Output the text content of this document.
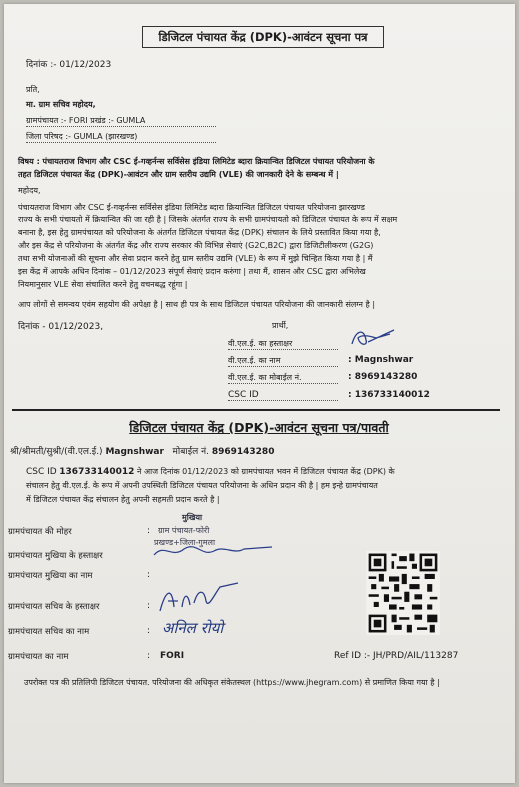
डिजिटल पंचायत केंद्र (DPK)-आवंटन सूचना पत्र
दिनांक :- 01/12/2023
प्रति,
मा. ग्राम सचिव महोदय,
ग्रामपंचायत :- FORI प्रखंड :- GUMLA
जिला परिषद :- GUMLA (झारखण्ड)
विषय : पंचायतराज विभाग और CSC ई-गव्हर्नन्स सर्विसेस इंडिया लिमिटेड ब्दारा क्रियान्वित डिजिटल पंचायत परियोजना के
तहत डिजिटल पंचायत केंद्र (DPK)-आवंटन और ग्राम स्तरीय उद्यमि (VLE) की जानकारी देने के सम्बन्ध में |
महोदय,
पंचायतराज विभाग और CSC ई-गव्हर्नन्स सर्विसेस इंडिया लिमिटेड ब्दारा क्रियान्वित डिजिटल पंचायत परियोजना झारखण्ड
राज्य के सभी पंचायतो में क्रियान्वित की जा रही है | जिसके अंतर्गत राज्य के सभी ग्रामपंचायतो को डिजिटल पंचायत के रूप में सक्षम
बनाना है, इस हेतु ग्रामपंचायत को परियोजना के अंतर्गत डिजिटल पंचायत केंद्र (DPK) संचालन के लिये प्रस्तावित किया गया है,
और इस केंद्र से परियोजना के अंतर्गत केंद्र और राज्य सरकार की विभिन्न सेवाएं (G2C,B2C) द्वारा डिजिटीलीकरण (G2G)
तथा सभी योजनाओं की सूचना और सेवा प्रदान करने हेतु ग्राम स्तरीय उद्यमि (VLE) के रूप में मुझे चिन्हित किया गया है | मैं
इस केंद्र में आपके अधिन दिनांक – 01/12/2023 संपूर्ण सेवाएं प्रदान करुंगा | तथा मैं, शासन और CSC द्वारा अभिलेख
नियमानुसार VLE सेवा संचालित करने हेतु वचनबद्ध रहूंगा |
आप लोगों से समन्वय एवंम सहयोग की अपेक्षा है | साथ ही पत्र के साथ डिजिटल पंचायत परियोजना की जानकारी संलग्न है |
दिनांक - 01/12/2023,	प्रार्थी,
वी.एल.ई. का हस्ताक्षर
वी.एल.ई. का नाम	: Magnshwar
वी.एल.ई. का मोबाईल नं.	: 8969143280
CSC ID	: 136733140012
डिजिटल पंचायत केंद्र (DPK)-आवंटन सूचना पत्र/पावती
श्री/श्रीमती/सुश्री/(वी.एल.ई.) Magnshwar मोबाईल नं. 8969143280
CSC ID 136733140012 ने आज दिनांक 01/12/2023 को ग्रामपंचायत भवन में डिजिटल पंचायत केंद्र (DPK) के
संचालन हेतु वी.एल.ई. के रूप में अपनी उपस्थिती डिजिटल पंचायत परियोजना के अधिन प्रदान की है | हम इन्हे ग्रामपंचायत
में डिजिटल पंचायत केंद्र संचालन हेतु अपनी सहमती प्रदान करते है |
मुखिया
ग्राम पंचायत-फोरी
प्रखण्ड+जिला-गुमला
ग्रामपंचायत की मोहर	:
ग्रामपंचायत मुखिया के हस्ताक्षर
ग्रामपंचायत मुखिया का नाम	:
ग्रामपंचायत सचिव के हस्ताक्षर	:
ग्रामपंचायत सचिव का नाम	: अनिल रोयो
ग्रामपंचायत का नाम	: FORI	Ref ID :- JH/PRD/AIL/113287
उपरोक्त पत्र की प्रतिलिपी डिजिटल पंचायत. परियोजना की अधिकृत संकेतस्थल (https://www.jhegram.com) से प्रमाणित किया गया है |
